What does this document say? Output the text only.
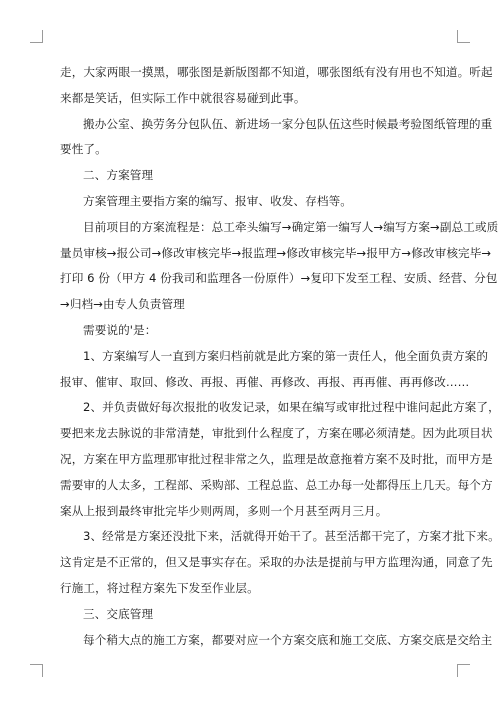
走，大家两眼一摸黑，哪张图是新版图都不知道，哪张图纸有没有用也不知道。听起
来都是笑话，但实际工作中就很容易碰到此事。
搬办公室、换劳务分包队伍、新进场一家分包队伍这些时候最考验图纸管理的重
要性了。
二、方案管理
方案管理主要指方案的编写、报审、收发、存档等。
目前项目的方案流程是：总工牵头编写→确定第一编写人→编写方案→副总工或质
量员审核→报公司→修改审核完毕→报监理→修改审核完毕→报甲方→修改审核完毕→
打印 6 份（甲方 4 份我司和监理各一份原件）→复印下发至工程、安质、经营、分包
→归档→由专人负责管理
需要说的'是：
1、方案编写人一直到方案归档前就是此方案的第一责任人，他全面负责方案的
报审、催审、取回、修改、再报、再催、再修改、再报、再再催、再再修改……
2、并负责做好每次报批的收发记录，如果在编写或审批过程中谁问起此方案了，
要把来龙去脉说的非常清楚，审批到什么程度了，方案在哪必须清楚。因为此项目状
况，方案在甲方监理那审批过程非常之久，监理是故意拖着方案不及时批，而甲方是
需要审的人太多，工程部、采购部、工程总监、总工办每一处都得压上几天。每个方
案从上报到最终审批完毕少则两周，多则一个月甚至两月三月。
3、经常是方案还没批下来，活就得开始干了。甚至活都干完了，方案才批下来。
这肯定是不正常的，但又是事实存在。采取的办法是提前与甲方监理沟通，同意了先
行施工，将过程方案先下发至作业层。
三、交底管理
每个稍大点的施工方案，都要对应一个方案交底和施工交底、方案交底是交给主
